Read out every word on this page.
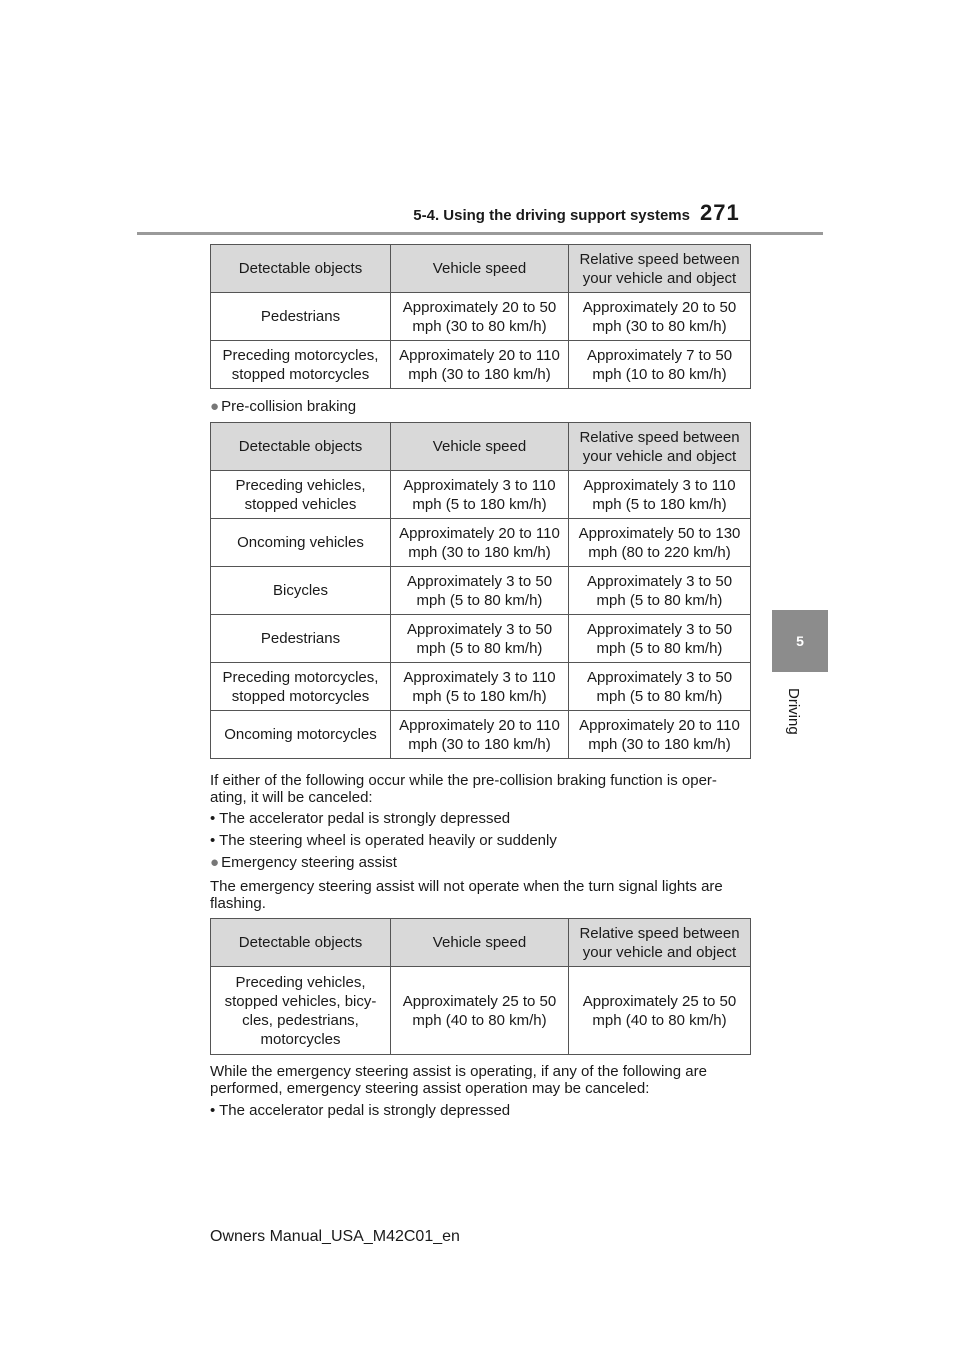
5-4. Using the driving support systems 271
5
Driving
Detectable objects	Vehicle speed	Relative speed between your vehicle and object
Pedestrians	Approximately 20 to 50 mph (30 to 80 km/h)	Approximately 20 to 50 mph (30 to 80 km/h)
Preceding motorcycles, stopped motorcycles	Approximately 20 to 110 mph (30 to 180 km/h)	Approximately 7 to 50 mph (10 to 80 km/h)
● Pre-collision braking
Detectable objects	Vehicle speed	Relative speed between your vehicle and object
Preceding vehicles, stopped vehicles	Approximately 3 to 110 mph (5 to 180 km/h)	Approximately 3 to 110 mph (5 to 180 km/h)
Oncoming vehicles	Approximately 20 to 110 mph (30 to 180 km/h)	Approximately 50 to 130 mph (80 to 220 km/h)
Bicycles	Approximately 3 to 50 mph (5 to 80 km/h)	Approximately 3 to 50 mph (5 to 80 km/h)
Pedestrians	Approximately 3 to 50 mph (5 to 80 km/h)	Approximately 3 to 50 mph (5 to 80 km/h)
Preceding motorcycles, stopped motorcycles	Approximately 3 to 110 mph (5 to 180 km/h)	Approximately 3 to 50 mph (5 to 80 km/h)
Oncoming motorcycles	Approximately 20 to 110 mph (30 to 180 km/h)	Approximately 20 to 110 mph (30 to 180 km/h)
If either of the following occur while the pre-collision braking function is oper-ating, it will be canceled:
• The accelerator pedal is strongly depressed
• The steering wheel is operated heavily or suddenly
● Emergency steering assist
The emergency steering assist will not operate when the turn signal lights are flashing.
Detectable objects	Vehicle speed	Relative speed between your vehicle and object
Preceding vehicles, stopped vehicles, bicy-cles, pedestrians, motorcycles	Approximately 25 to 50 mph (40 to 80 km/h)	Approximately 25 to 50 mph (40 to 80 km/h)
While the emergency steering assist is operating, if any of the following are performed, emergency steering assist operation may be canceled:
• The accelerator pedal is strongly depressed
Owners Manual_USA_M42C01_en
